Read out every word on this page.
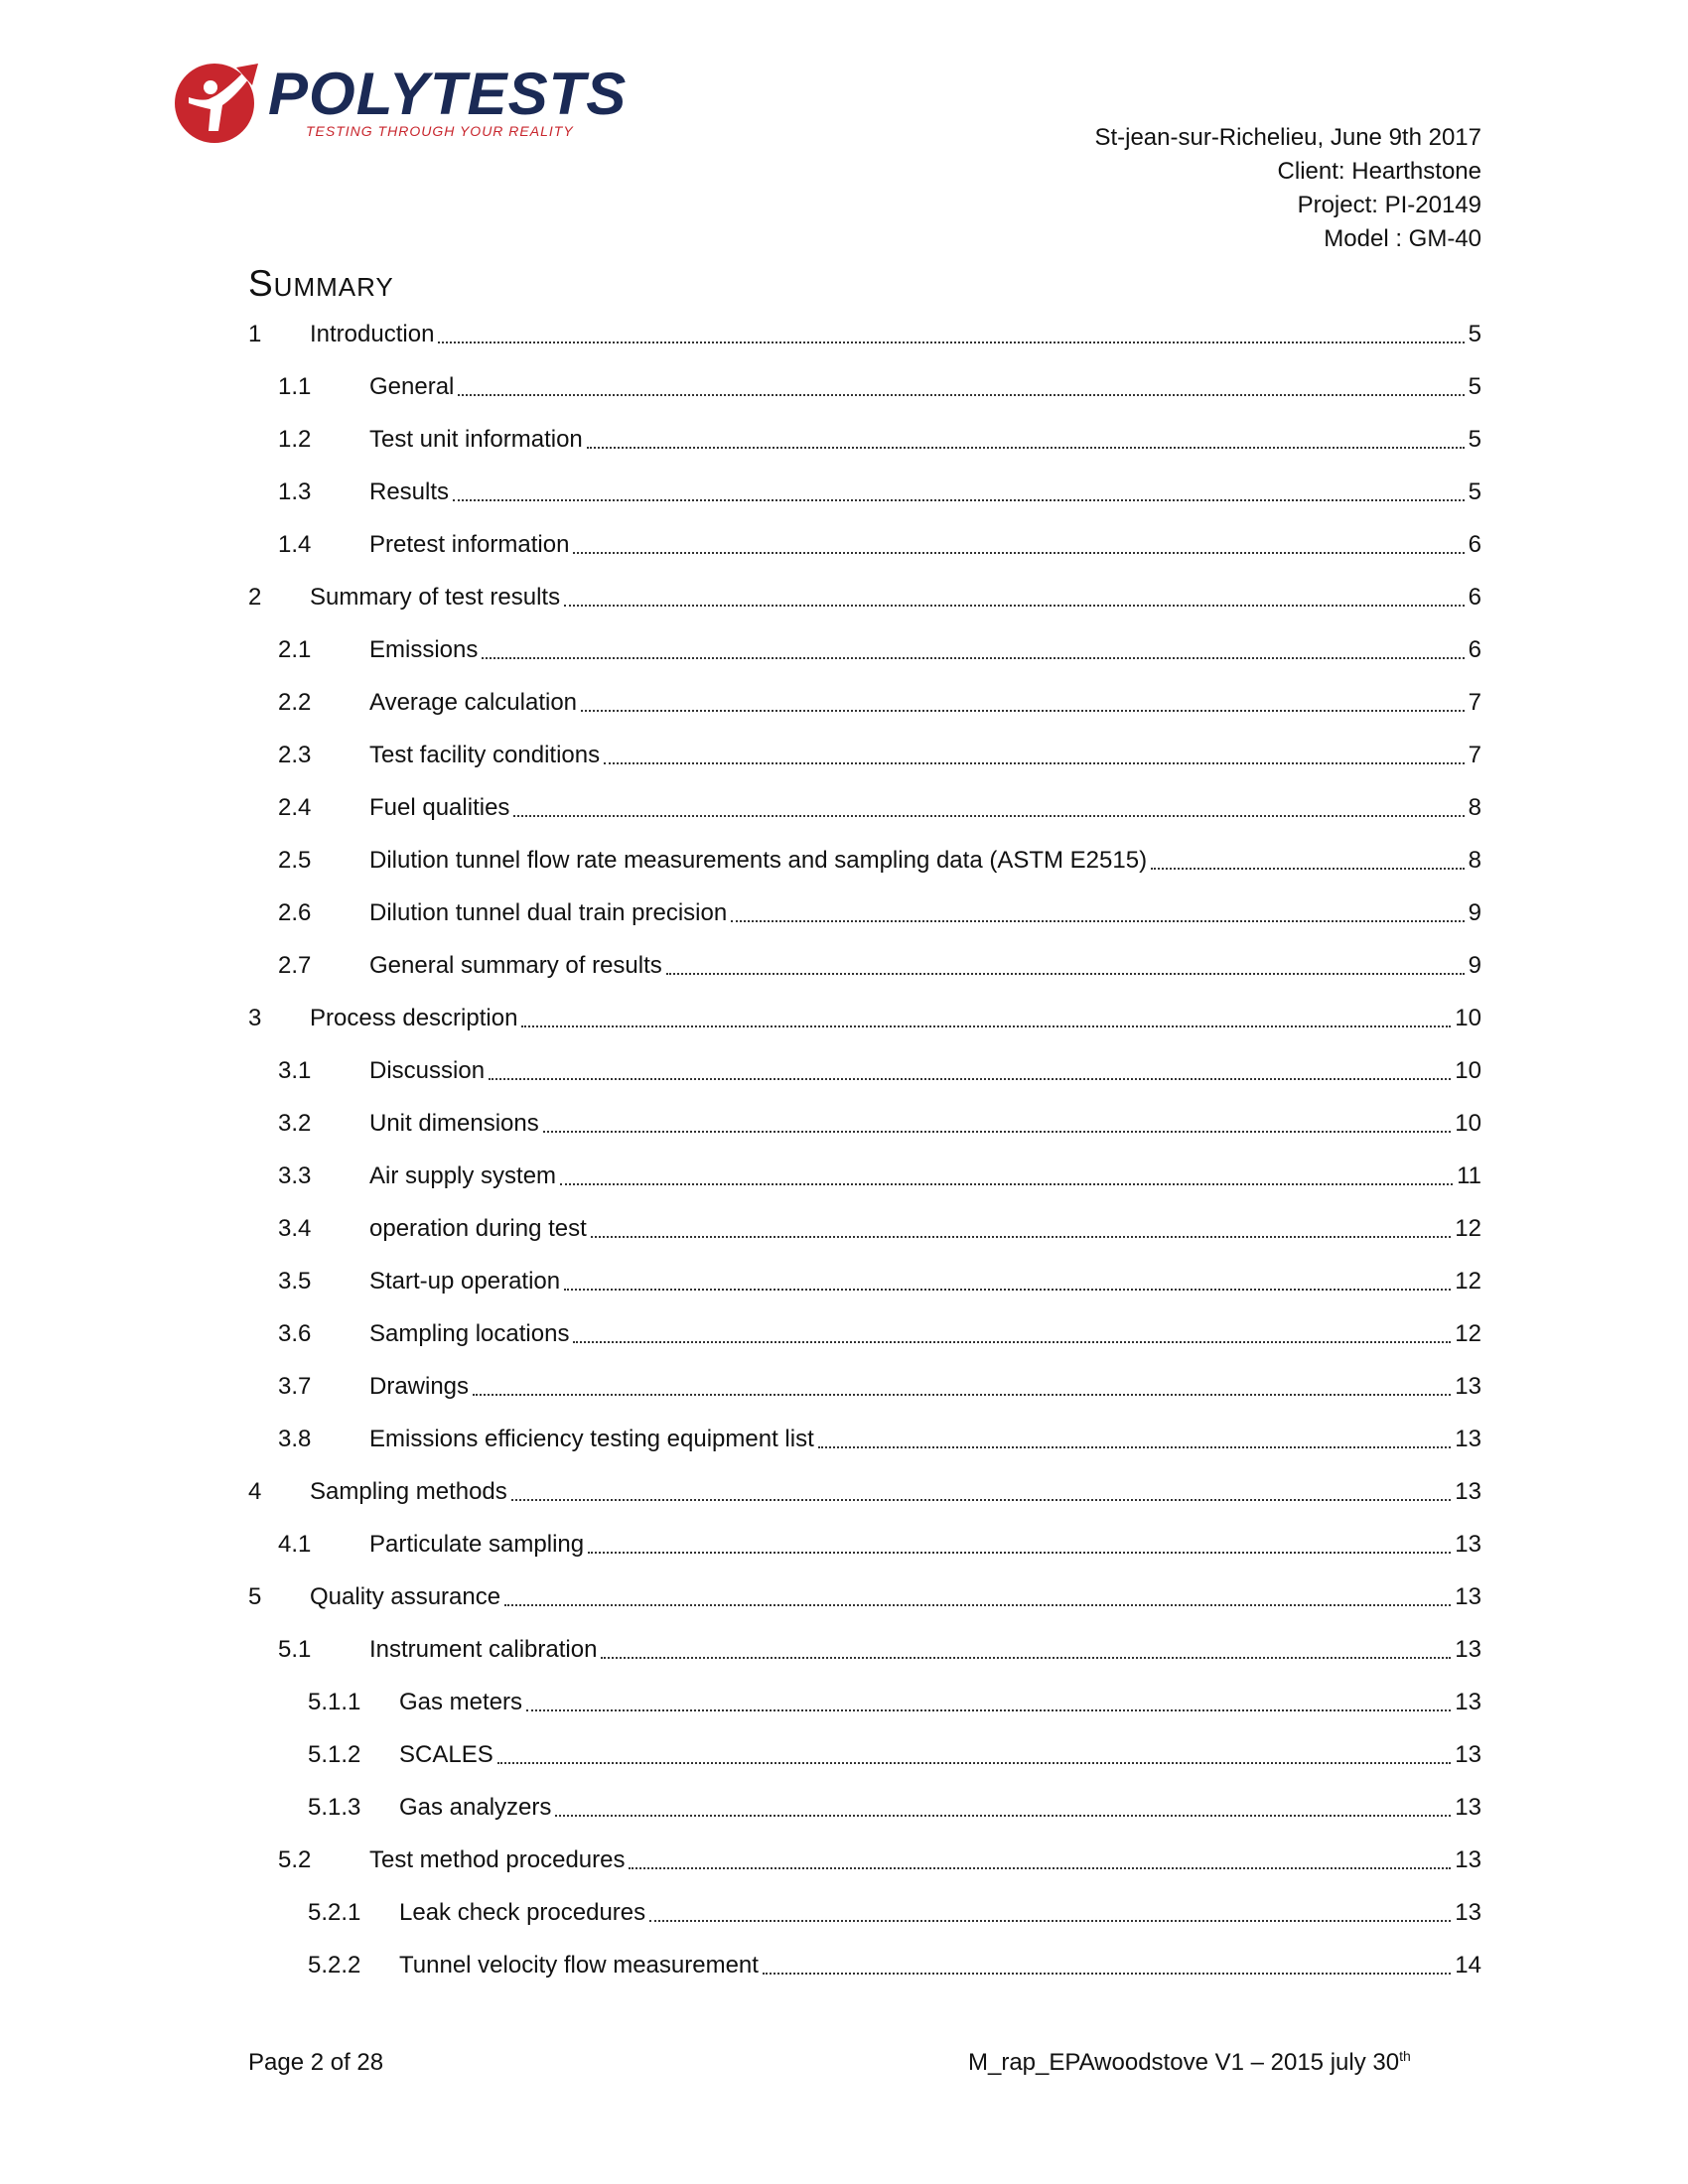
POLYTESTS
TESTING THROUGH YOUR REALITY	St-jean-sur-Richelieu, June 9th 2017
Client: Hearthstone
Project: PI-20149
Model : GM-40
Summary
1	Introduction	5
1.1	General	5
1.2	Test unit information	5
1.3	Results	5
1.4	Pretest information	6
2	Summary of test results	6
2.1	Emissions	6
2.2	Average calculation	7
2.3	Test facility conditions	7
2.4	Fuel qualities	8
2.5	Dilution tunnel flow rate measurements and sampling data (ASTM E2515)	8
2.6	Dilution tunnel dual train precision	9
2.7	General summary of results	9
3	Process description	10
3.1	Discussion	10
3.2	Unit dimensions	10
3.3	Air supply system	11
3.4	operation during test	12
3.5	Start-up operation	12
3.6	Sampling locations	12
3.7	Drawings	13
3.8	Emissions efficiency testing equipment list	13
4	Sampling methods	13
4.1	Particulate sampling	13
5	Quality assurance	13
5.1	Instrument calibration	13
5.1.1	Gas meters	13
5.1.2	SCALES	13
5.1.3	Gas analyzers	13
5.2	Test method procedures	13
5.2.1	Leak check procedures	13
5.2.2	Tunnel velocity flow measurement	14
Page 2 of 28	M_rap_EPAwoodstove V1 – 2015 july 30th
